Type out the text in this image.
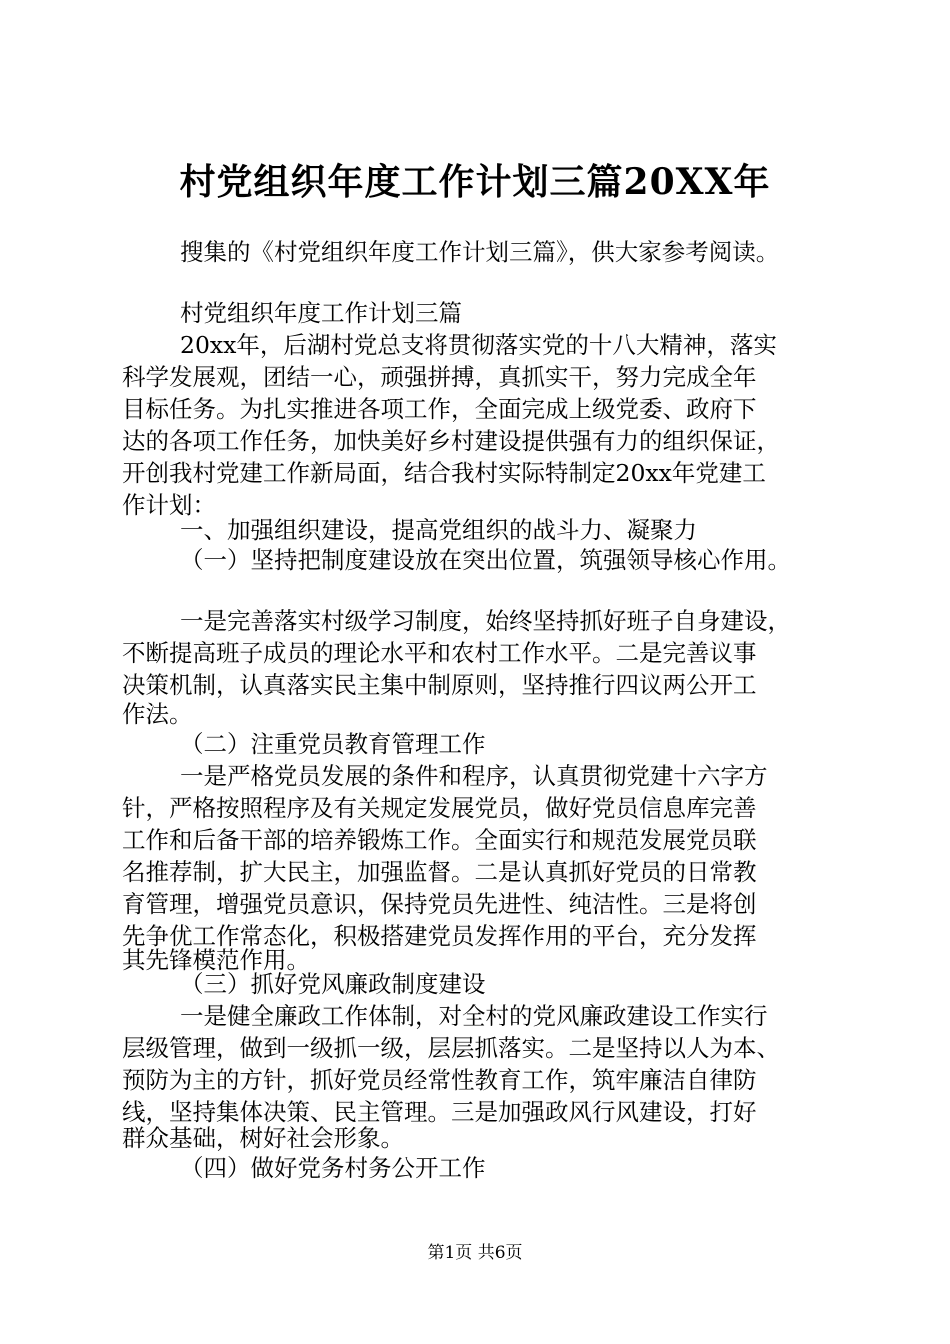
村党组织年度工作计划三篇20XX年
搜集的《村党组织年度工作计划三篇》，供大家参考阅读。
村党组织年度工作计划三篇
20xx年，后湖村党总支将贯彻落实党的十八大精神，落实
科学发展观，团结一心，顽强拼搏，真抓实干，努力完成全年
目标任务。为扎实推进各项工作，全面完成上级党委、政府下
达的各项工作任务，加快美好乡村建设提供强有力的组织保证，
开创我村党建工作新局面，结合我村实际特制定20xx年党建工
作计划：
一、加强组织建设，提高党组织的战斗力、凝聚力
（一）坚持把制度建设放在突出位置，筑强领导核心作用。
一是完善落实村级学习制度，始终坚持抓好班子自身建设，
不断提高班子成员的理论水平和农村工作水平。二是完善议事
决策机制，认真落实民主集中制原则，坚持推行四议两公开工
作法。
（二）注重党员教育管理工作
一是严格党员发展的条件和程序，认真贯彻党建十六字方
针，严格按照程序及有关规定发展党员，做好党员信息库完善
工作和后备干部的培养锻炼工作。全面实行和规范发展党员联
名推荐制，扩大民主，加强监督。二是认真抓好党员的日常教
育管理，增强党员意识，保持党员先进性、纯洁性。三是将创
先争优工作常态化，积极搭建党员发挥作用的平台，充分发挥
其先锋模范作用。
（三）抓好党风廉政制度建设
一是健全廉政工作体制，对全村的党风廉政建设工作实行
层级管理，做到一级抓一级，层层抓落实。二是坚持以人为本、
预防为主的方针，抓好党员经常性教育工作，筑牢廉洁自律防
线，坚持集体决策、民主管理。三是加强政风行风建设，打好
群众基础，树好社会形象。
（四）做好党务村务公开工作
第1页 共6页
